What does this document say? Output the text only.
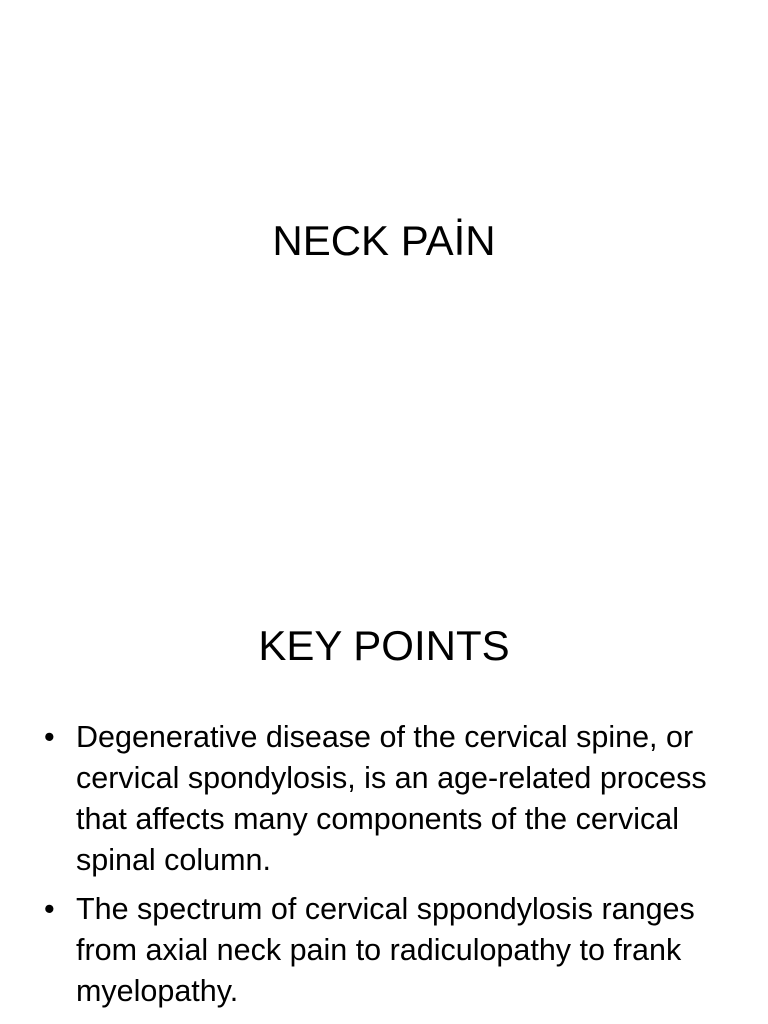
NECK PAİN
KEY POINTS
• Degenerative disease of the cervical spine, or cervical spondylosis, is an age-related process that affects many components of the cervical spinal column.
• The spectrum of cervical sppondylosis ranges from axial neck pain to radiculopathy to frank myelopathy.
